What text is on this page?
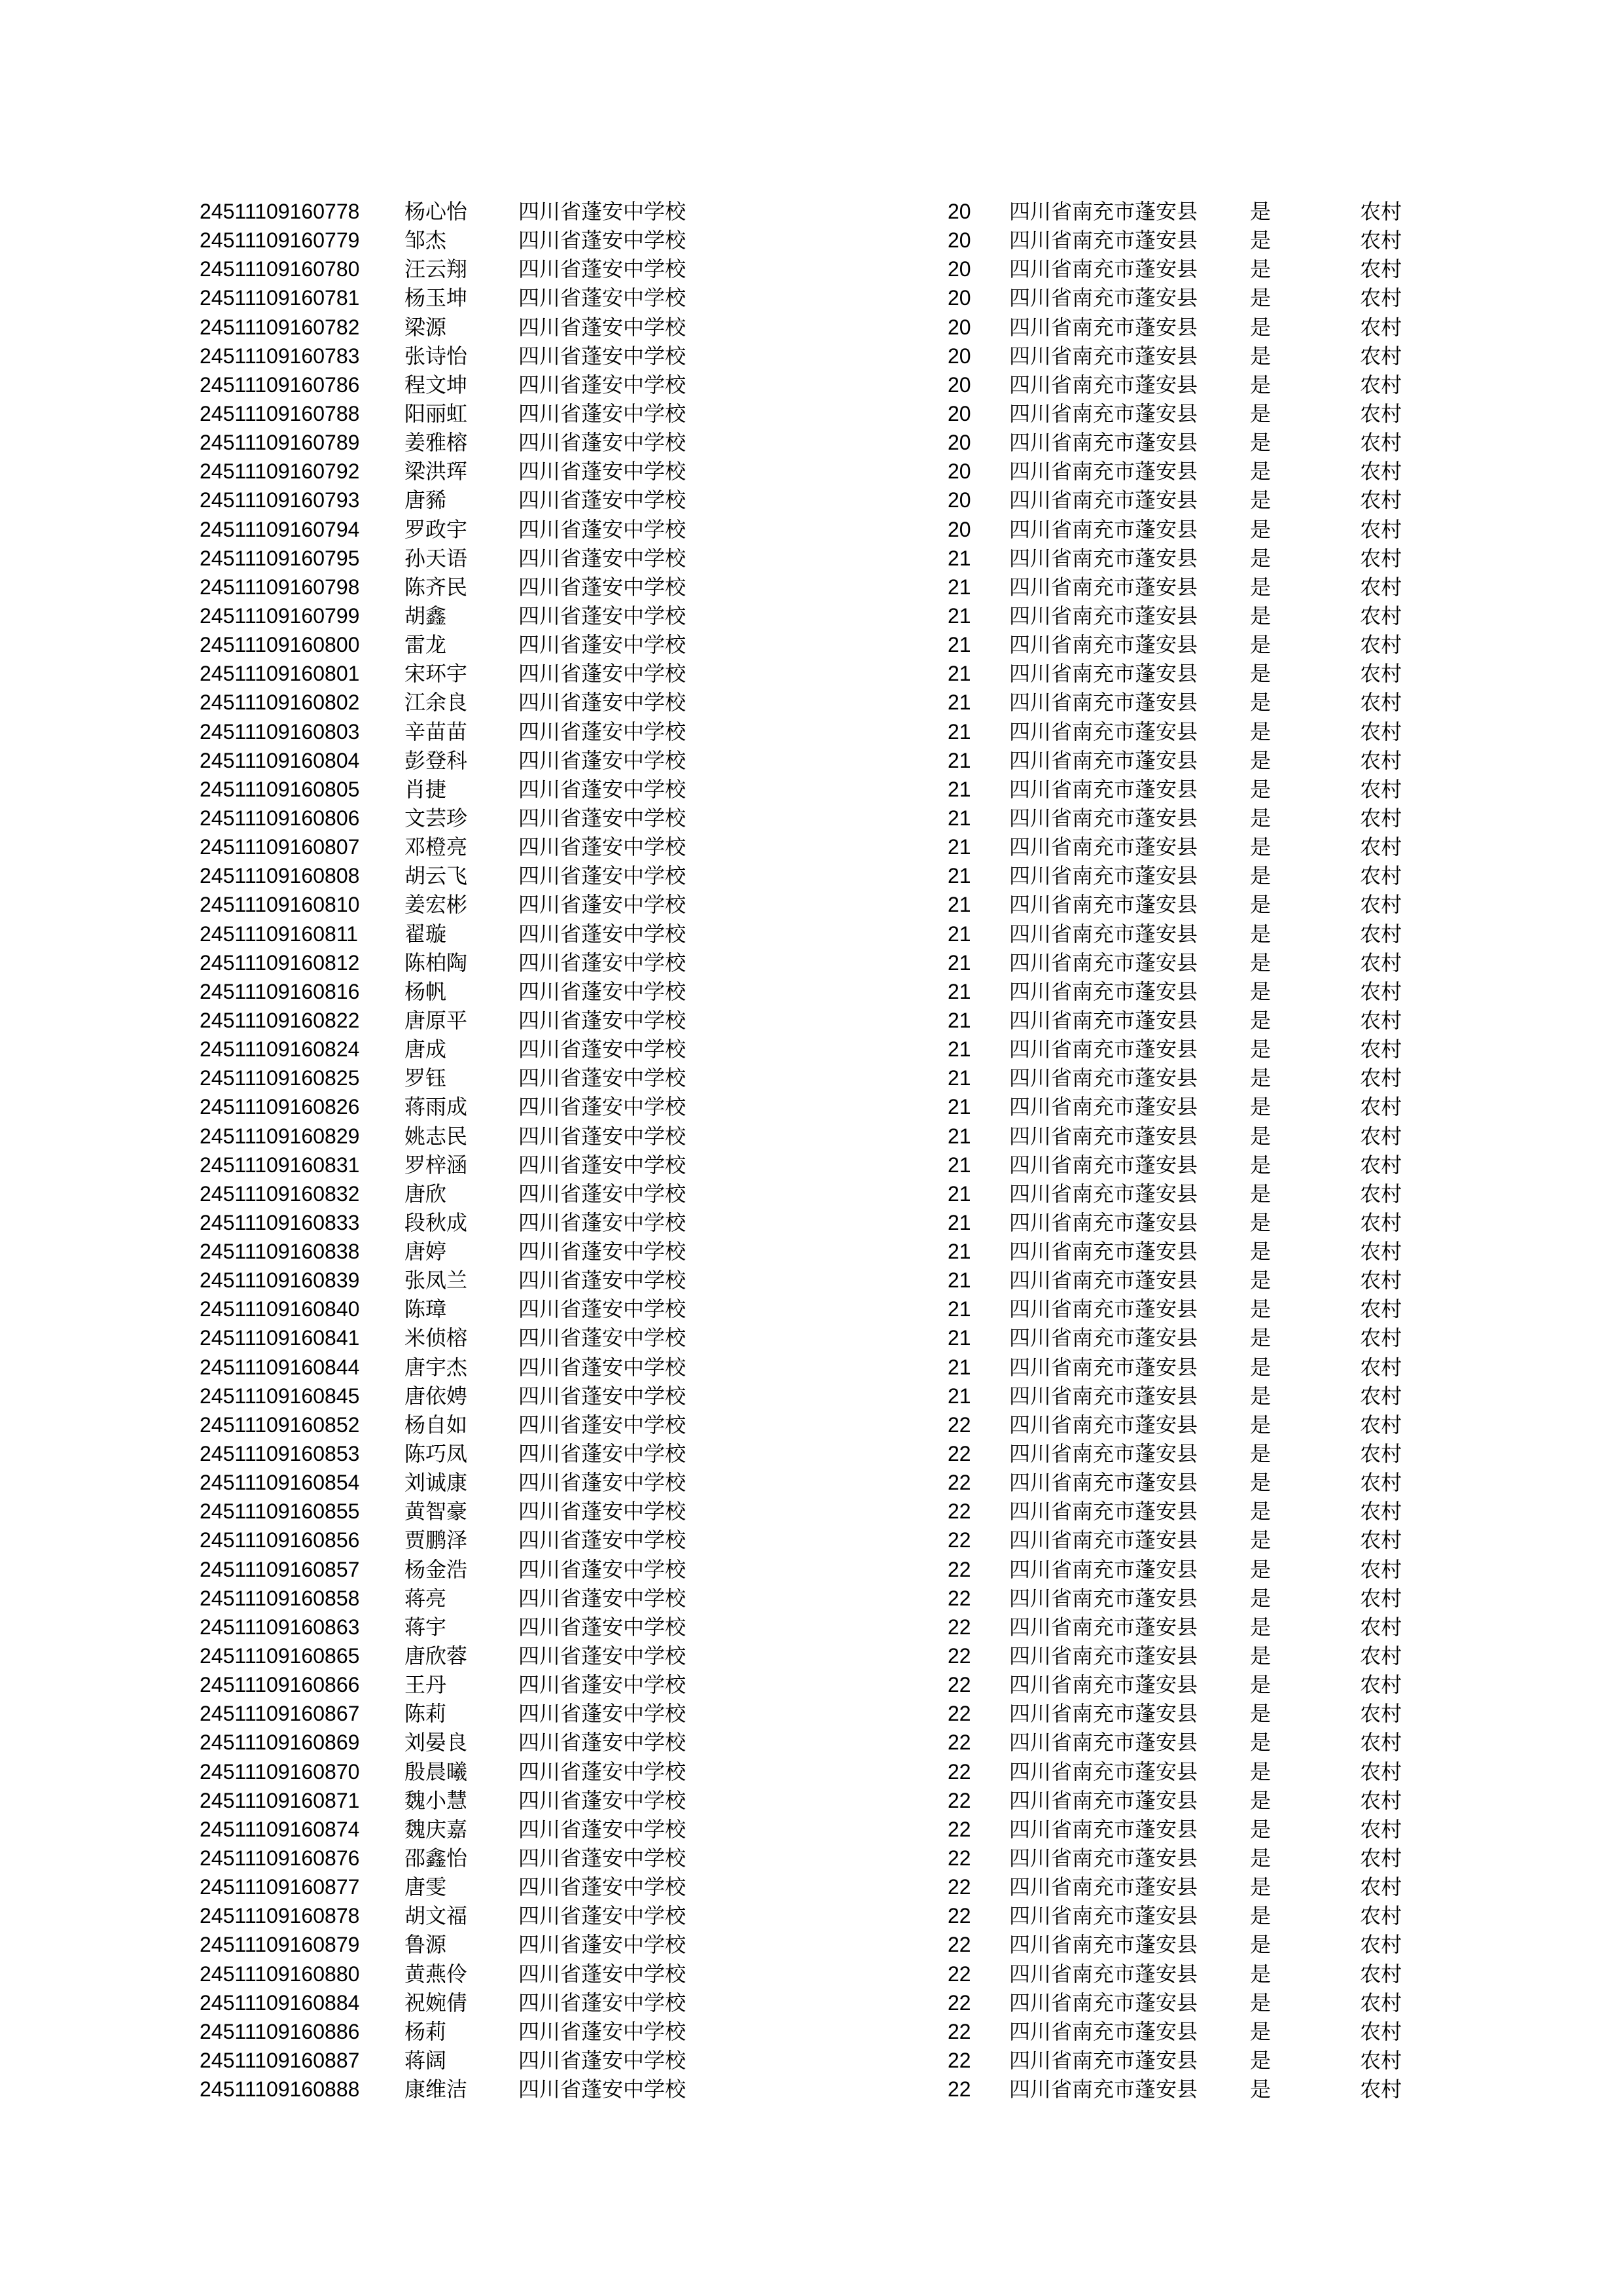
24511109160778 杨心怡 四川省蓬安中学校	20 四川省南充市蓬安县 是	农村
24511109160779 邹杰	四川省蓬安中学校	20 四川省南充市蓬安县 是	农村
24511109160780 汪云翔 四川省蓬安中学校	20 四川省南充市蓬安县 是	农村
24511109160781 杨玉坤 四川省蓬安中学校	20 四川省南充市蓬安县 是	农村
24511109160782 梁源	四川省蓬安中学校	20 四川省南充市蓬安县 是	农村
24511109160783 张诗怡 四川省蓬安中学校	20 四川省南充市蓬安县 是	农村
24511109160786 程文坤 四川省蓬安中学校	20 四川省南充市蓬安县 是	农村
24511109160788 阳丽虹 四川省蓬安中学校	20 四川省南充市蓬安县 是	农村
24511109160789 姜雅榕 四川省蓬安中学校	20 四川省南充市蓬安县 是	农村
24511109160792 梁洪珲 四川省蓬安中学校	20 四川省南充市蓬安县 是	农村
24511109160793 唐豨	四川省蓬安中学校	20 四川省南充市蓬安县 是	农村
24511109160794 罗政宇 四川省蓬安中学校	20 四川省南充市蓬安县 是	农村
24511109160795 孙天语 四川省蓬安中学校	21 四川省南充市蓬安县 是	农村
24511109160798 陈齐民 四川省蓬安中学校	21 四川省南充市蓬安县 是	农村
24511109160799 胡鑫	四川省蓬安中学校	21 四川省南充市蓬安县 是	农村
24511109160800 雷龙	四川省蓬安中学校	21 四川省南充市蓬安县 是	农村
24511109160801 宋环宇 四川省蓬安中学校	21 四川省南充市蓬安县 是	农村
24511109160802 江余良 四川省蓬安中学校	21 四川省南充市蓬安县 是	农村
24511109160803 辛苗苗 四川省蓬安中学校	21 四川省南充市蓬安县 是	农村
24511109160804 彭登科 四川省蓬安中学校	21 四川省南充市蓬安县 是	农村
24511109160805 肖捷	四川省蓬安中学校	21 四川省南充市蓬安县 是	农村
24511109160806 文芸珍 四川省蓬安中学校	21 四川省南充市蓬安县 是	农村
24511109160807 邓橙亮 四川省蓬安中学校	21 四川省南充市蓬安县 是	农村
24511109160808 胡云飞 四川省蓬安中学校	21 四川省南充市蓬安县 是	农村
24511109160810 姜宏彬 四川省蓬安中学校	21 四川省南充市蓬安县 是	农村
24511109160811 翟璇	四川省蓬安中学校	21 四川省南充市蓬安县 是	农村
24511109160812 陈柏陶 四川省蓬安中学校	21 四川省南充市蓬安县 是	农村
24511109160816 杨帆	四川省蓬安中学校	21 四川省南充市蓬安县 是	农村
24511109160822 唐原平 四川省蓬安中学校	21 四川省南充市蓬安县 是	农村
24511109160824 唐成	四川省蓬安中学校	21 四川省南充市蓬安县 是	农村
24511109160825 罗钰	四川省蓬安中学校	21 四川省南充市蓬安县 是	农村
24511109160826 蒋雨成 四川省蓬安中学校	21 四川省南充市蓬安县 是	农村
24511109160829 姚志民 四川省蓬安中学校	21 四川省南充市蓬安县 是	农村
24511109160831 罗梓涵 四川省蓬安中学校	21 四川省南充市蓬安县 是	农村
24511109160832 唐欣	四川省蓬安中学校	21 四川省南充市蓬安县 是	农村
24511109160833 段秋成 四川省蓬安中学校	21 四川省南充市蓬安县 是	农村
24511109160838 唐婷	四川省蓬安中学校	21 四川省南充市蓬安县 是	农村
24511109160839 张凤兰 四川省蓬安中学校	21 四川省南充市蓬安县 是	农村
24511109160840 陈璋	四川省蓬安中学校	21 四川省南充市蓬安县 是	农村
24511109160841 米侦榕 四川省蓬安中学校	21 四川省南充市蓬安县 是	农村
24511109160844 唐宇杰 四川省蓬安中学校	21 四川省南充市蓬安县 是	农村
24511109160845 唐依娉 四川省蓬安中学校	21 四川省南充市蓬安县 是	农村
24511109160852 杨自如 四川省蓬安中学校	22 四川省南充市蓬安县 是	农村
24511109160853 陈巧凤 四川省蓬安中学校	22 四川省南充市蓬安县 是	农村
24511109160854 刘诚康 四川省蓬安中学校	22 四川省南充市蓬安县 是	农村
24511109160855 黄智豪 四川省蓬安中学校	22 四川省南充市蓬安县 是	农村
24511109160856 贾鹏泽 四川省蓬安中学校	22 四川省南充市蓬安县 是	农村
24511109160857 杨金浩 四川省蓬安中学校	22 四川省南充市蓬安县 是	农村
24511109160858 蒋亮	四川省蓬安中学校	22 四川省南充市蓬安县 是	农村
24511109160863 蒋宇	四川省蓬安中学校	22 四川省南充市蓬安县 是	农村
24511109160865 唐欣蓉 四川省蓬安中学校	22 四川省南充市蓬安县 是	农村
24511109160866 王丹	四川省蓬安中学校	22 四川省南充市蓬安县 是	农村
24511109160867 陈莉	四川省蓬安中学校	22 四川省南充市蓬安县 是	农村
24511109160869 刘晏良 四川省蓬安中学校	22 四川省南充市蓬安县 是	农村
24511109160870 殷晨曦 四川省蓬安中学校	22 四川省南充市蓬安县 是	农村
24511109160871 魏小慧 四川省蓬安中学校	22 四川省南充市蓬安县 是	农村
24511109160874 魏庆嘉 四川省蓬安中学校	22 四川省南充市蓬安县 是	农村
24511109160876 邵鑫怡 四川省蓬安中学校	22 四川省南充市蓬安县 是	农村
24511109160877 唐雯	四川省蓬安中学校	22 四川省南充市蓬安县 是	农村
24511109160878 胡文福 四川省蓬安中学校	22 四川省南充市蓬安县 是	农村
24511109160879 鲁源	四川省蓬安中学校	22 四川省南充市蓬安县 是	农村
24511109160880 黄燕伶 四川省蓬安中学校	22 四川省南充市蓬安县 是	农村
24511109160884 祝婉倩 四川省蓬安中学校	22 四川省南充市蓬安县 是	农村
24511109160886 杨莉	四川省蓬安中学校	22 四川省南充市蓬安县 是	农村
24511109160887 蒋阔	四川省蓬安中学校	22 四川省南充市蓬安县 是	农村
24511109160888 康维洁 四川省蓬安中学校	22 四川省南充市蓬安县 是	农村
